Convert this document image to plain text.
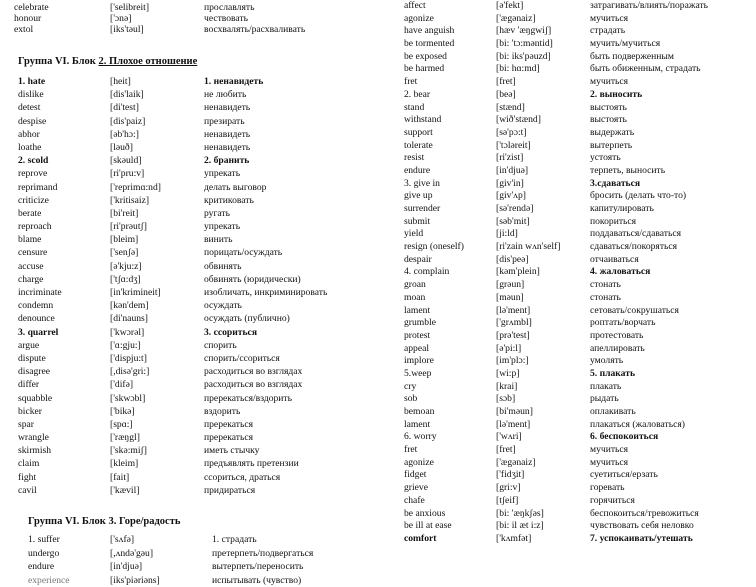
celebrate	['selibreit]	прославлять
honour	['ɔnə]	чествовать
extol	[iks'təul]	восхвалять/расхваливать
Группа VI. Блок 2. Плохое отношение
1. hate	[heit]	1. ненавидеть
dislike	[dis'laik]	не любить
detest	[di'test]	ненавидеть
despise	[dis'paiz]	презирать
abhor	[əb'hɔ:]	ненавидеть
loathe	[ləuð]	ненавидеть
2. scold	[skəuld]	2. бранить
reprove	[ri'pru:v]	упрекать
reprimand	['reprimɑ:nd]	делать выговор
criticize	['kritisaiz]	критиковать
berate	[bi'reit]	ругать
reproach	[ri'prəutʃ]	упрекать
blame	[bleim]	винить
censure	['senʃə]	порицать/осуждать
accuse	[ə'kju:z]	обвинять
charge	['tʃɑ:dʒ]	обвинять (юридически)
incriminate	[in'krimineit]	изобличать, инкриминировать
condemn	[kən'dem]	осуждать
denounce	[di'nauns]	осуждать (публично)
3. quarrel	['kwɔrəl]	3. ссориться
argue	['ɑ:gju:]	спорить
dispute	['dispju:t]	спорить/ссориться
disagree	[,disə'gri:]	расходиться во взглядах
differ	['difə]	расходиться во взглядах
squabble	['skwɔbl]	пререкаться/вздорить
bicker	['bikə]	вздорить
spar	[spɑ:]	пререкаться
wrangle	['ræŋgl]	пререкаться
skirmish	['skə:miʃ]	иметь стычку
claim	[kleim]	предъявлять претензии
fight	[fait]	ссориться, драться
cavil	['kævil]	придираться
Группа VI. Блок 3. Горе/радость
1. suffer	['sʌfə]	1. страдать
undergo	[,ʌndə'gəu]	претерпеть/подвергаться
endure	[in'djuə]	вытерпеть/переносить
experience	[iks'piəriəns]	испытывать (чувство)
affect	[ə'fekt]	затрагивать/влиять/поражать
agonize	['ægənaiz]	мучиться
have anguish	[hæv 'æŋgwiʃ]	страдать
be tormented	[bi: 'tɔ:məntid]	мучить/мучиться
be exposed	[bi: iks'pəuzd]	быть подверженным
be harmed	[bi: hɑ:md]	быть обиженным, страдать
fret	[fret]	мучиться
2. bear	[beə]	2. выносить
stand	[stænd]	выстоять
withstand	[wið'stænd]	выстоять
support	[sə'pɔ:t]	выдержать
tolerate	['tɔləreit]	вытерпеть
resist	[ri'zist]	устоять
endure	[in'djuə]	терпеть, выносить
3. give in	[giv'in]	3.сдаваться
give up	[giv'ʌp]	бросить (делать что-то)
surrender	[sə'rendə]	капитулировать
submit	[səb'mit]	покориться
yield	[ji:ld]	поддаваться/сдаваться
resign (oneself)	[ri'zain wʌn'self]	сдаваться/покоряться
despair	[dis'peə]	отчаиваться
4. complain	[kəm'plein]	4. жаловаться
groan	[grəun]	стонать
moan	[məun]	стонать
lament	[lə'ment]	сетовать/сокрушаться
grumble	['grʌmbl]	роптать/ворчать
protest	[prə'test]	протестовать
appeal	[ə'pi:l]	апеллировать
implore	[im'plɔ:]	умолять
5.weep	[wi:p]	5. плакать
cry	[krai]	плакать
sob	[sɔb]	рыдать
bemoan	[bi'məun]	оплакивать
lament	[lə'ment]	плакаться (жаловаться)
6. worry	['wʌri]	6. беспокоиться
fret	[fret]	мучиться
agonize	['ægənaiz]	мучиться
fidget	['fidʒit]	суетиться/ерзать
grieve	[gri:v]	горевать
chafe	[tʃeif]	горячиться
be anxious	[bi: 'æŋkʃəs]	беспокоиться/тревожиться
be ill at ease	[bi: il æt i:z]	чувствовать себя неловко
comfort	['kʌmfət]	7. успокаивать/утешать
